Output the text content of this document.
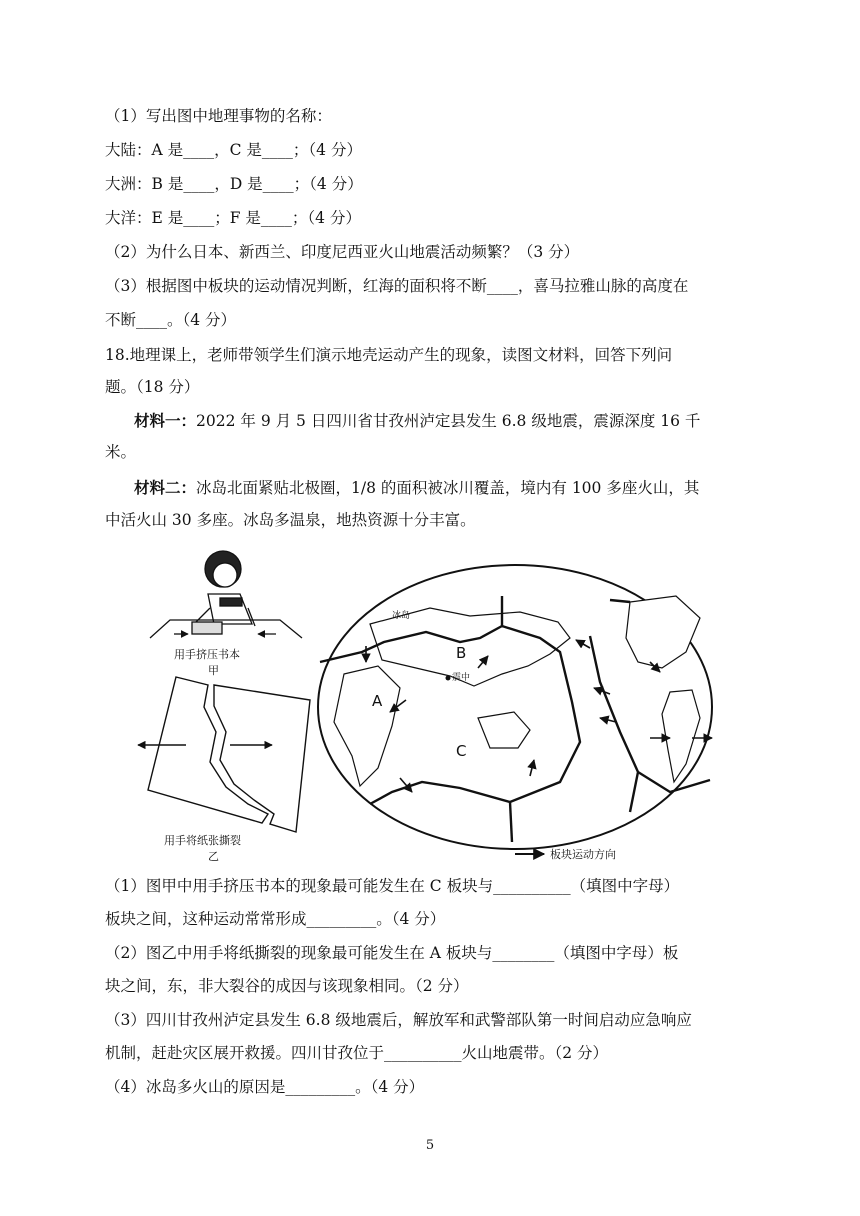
（1）写出图中地理事物的名称：
大陆：A 是____，C 是____；（4 分）
大洲：B 是____，D 是____；（4 分）
大洋：E 是____；F 是____；（4 分）
（2）为什么日本、新西兰、印度尼西亚火山地震活动频繁？（3 分）
（3）根据图中板块的运动情况判断，红海的面积将不断____，喜马拉雅山脉的高度在
不断____。（4 分）
18.地理课上，老师带领学生们演示地壳运动产生的现象，读图文材料，回答下列问
题。（18 分）
材料一：2022 年 9 月 5 日四川省甘孜州泸定县发生 6.8 级地震，震源深度 16 千
米。
材料二：冰岛北面紧贴北极圈，1/8 的面积被冰川覆盖，境内有 100 多座火山，其
中活火山 30 多座。冰岛多温泉，地热资源十分丰富。
用手挤压书本
甲
用手将纸张撕裂
乙
A
B
C
震中
冰岛
板块运动方向
（1）图甲中用手挤压书本的现象最可能发生在 C 板块与__________（填图中字母）
板块之间，这种运动常常形成_________。（4 分）
（2）图乙中用手将纸撕裂的现象最可能发生在 A 板块与________（填图中字母）板
块之间，东，非大裂谷的成因与该现象相同。（2 分）
（3）四川甘孜州泸定县发生 6.8 级地震后，解放军和武警部队第一时间启动应急响应
机制，赶赴灾区展开救援。四川甘孜位于__________火山地震带。（2 分）
（4）冰岛多火山的原因是_________。（4 分）
5
